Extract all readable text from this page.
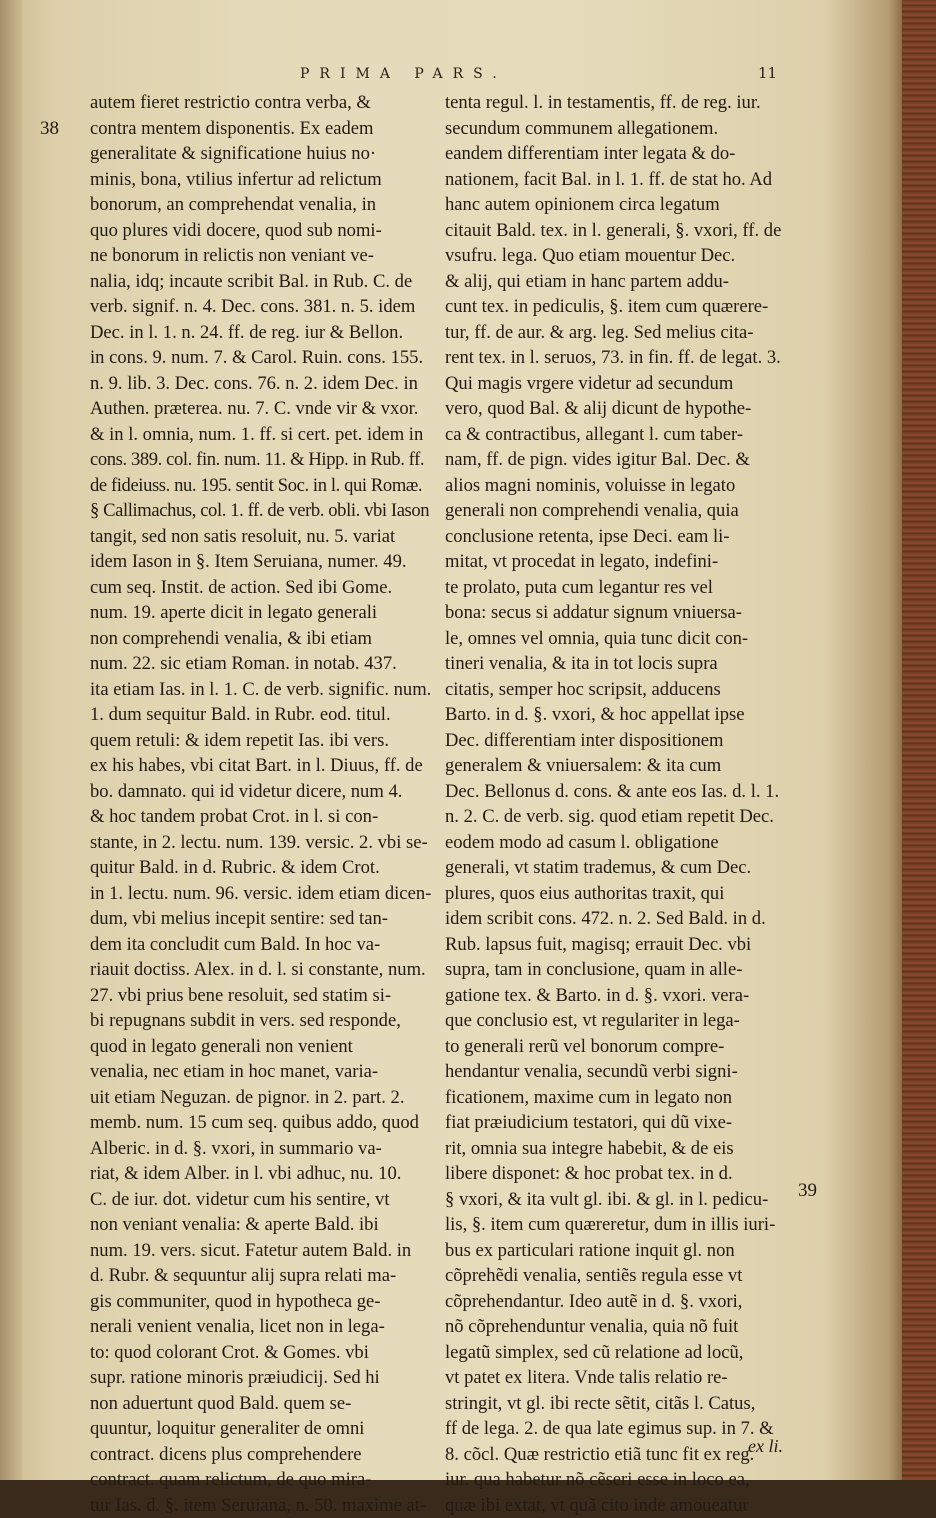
PRIMA PARS.	11
38
39
autem fieret restrictio contra verba, &
contra mentem disponentis. Ex eadem
generalitate & significatione huius no·
minis, bona, vtilius infertur ad relictum
bonorum, an comprehendat venalia, in
quo plures vidi docere, quod sub nomi-
ne bonorum in relictis non veniant ve-
nalia, idq; incaute scribit Bal. in Rub. C. de
verb. signif. n. 4. Dec. cons. 381. n. 5. idem
Dec. in l. 1. n. 24. ff. de reg. iur & Bellon.
in cons. 9. num. 7. & Carol. Ruin. cons. 155.
n. 9. lib. 3. Dec. cons. 76. n. 2. idem Dec. in
Authen. præterea. nu. 7. C. vnde vir & vxor.
& in l. omnia, num. 1. ff. si cert. pet. idem in
cons. 389. col. fin. num. 11. & Hipp. in Rub. ff.
de fideiuss. nu. 195. sentit Soc. in l. qui Romæ.
§ Callimachus, col. 1. ff. de verb. obli. vbi Iason
tangit, sed non satis resoluit, nu. 5. variat
idem Iason in §. Item Seruiana, numer. 49.
cum seq. Instit. de action. Sed ibi Gome.
num. 19. aperte dicit in legato generali
non comprehendi venalia, & ibi etiam
num. 22. sic etiam Roman. in notab. 437.
ita etiam Ias. in l. 1. C. de verb. signific. num.
1. dum sequitur Bald. in Rubr. eod. titul.
quem retuli: & idem repetit Ias. ibi vers.
ex his habes, vbi citat Bart. in l. Diuus, ff. de
bo. damnato. qui id videtur dicere, num 4.
& hoc tandem probat Crot. in l. si con-
stante, in 2. lectu. num. 139. versic. 2. vbi se-
quitur Bald. in d. Rubric. & idem Crot.
in 1. lectu. num. 96. versic. idem etiam dicen-
dum, vbi melius incepit sentire: sed tan-
dem ita concludit cum Bald. In hoc va-
riauit doctiss. Alex. in d. l. si constante, num.
27. vbi prius bene resoluit, sed statim si-
bi repugnans subdit in vers. sed responde,
quod in legato generali non venient
venalia, nec etiam in hoc manet, varia-
uit etiam Neguzan. de pignor. in 2. part. 2.
memb. num. 15 cum seq. quibus addo, quod
Alberic. in d. §. vxori, in summario va-
riat, & idem Alber. in l. vbi adhuc, nu. 10.
C. de iur. dot. videtur cum his sentire, vt
non veniant venalia: & aperte Bald. ibi
num. 19. vers. sicut. Fatetur autem Bald. in
d. Rubr. & sequuntur alij supra relati ma-
gis communiter, quod in hypotheca ge-
nerali venient venalia, licet non in lega-
to: quod colorant Crot. & Gomes. vbi
supr. ratione minoris præiudicij. Sed hi
non aduertunt quod Bald. quem se-
quuntur, loquitur generaliter de omni
contract. dicens plus comprehendere
contract. quam relictum, de quo mira-
tur Ias. d. §. item Seruiana, n. 50. maxime at-
tenta regul. l. in testamentis, ff. de reg. iur.
secundum communem allegationem.
eandem differentiam inter legata & do-
nationem, facit Bal. in l. 1. ff. de stat ho. Ad
hanc autem opinionem circa legatum
citauit Bald. tex. in l. generali, §. vxori, ff. de
vsufru. lega. Quo etiam mouentur Dec.
& alij, qui etiam in hanc partem addu-
cunt tex. in pediculis, §. item cum quærere-
tur, ff. de aur. & arg. leg. Sed melius cita-
rent tex. in l. seruos, 73. in fin. ff. de legat. 3.
Qui magis vrgere videtur ad secundum
vero, quod Bal. & alij dicunt de hypothe-
ca & contractibus, allegant l. cum taber-
nam, ff. de pign. vides igitur Bal. Dec. &
alios magni nominis, voluisse in legato
generali non comprehendi venalia, quia
conclusione retenta, ipse Deci. eam li-
mitat, vt procedat in legato, indefini-
te prolato, puta cum legantur res vel
bona: secus si addatur signum vniuersa-
le, omnes vel omnia, quia tunc dicit con-
tineri venalia, & ita in tot locis supra
citatis, semper hoc scripsit, adducens
Barto. in d. §. vxori, & hoc appellat ipse
Dec. differentiam inter dispositionem
generalem & vniuersalem: & ita cum
Dec. Bellonus d. cons. & ante eos Ias. d. l. 1.
n. 2. C. de verb. sig. quod etiam repetit Dec.
eodem modo ad casum l. obligatione
generali, vt statim trademus, & cum Dec.
plures, quos eius authoritas traxit, qui
idem scribit cons. 472. n. 2. Sed Bald. in d.
Rub. lapsus fuit, magisq; errauit Dec. vbi
supra, tam in conclusione, quam in alle-
gatione tex. & Barto. in d. §. vxori. vera-
que conclusio est, vt regulariter in lega-
to generali rerũ vel bonorum compre-
hendantur venalia, secundũ verbi signi-
ficationem, maxime cum in legato non
fiat præiudicium testatori, qui dũ vixe-
rit, omnia sua integre habebit, & de eis
libere disponet: & hoc probat tex. in d.
§ vxori, & ita vult gl. ibi. & gl. in l. pedicu-
lis, §. item cum quæreretur, dum in illis iuri-
bus ex particulari ratione inquit gl. non
cõprehẽdi venalia, sentiẽs regula esse vt
cõprehendantur. Ideo autẽ in d. §. vxori,
nõ cõprehenduntur venalia, quia nõ fuit
legatũ simplex, sed cũ relatione ad locũ,
vt patet ex litera. Vnde talis relatio re-
stringit, vt gl. ibi recte sẽtit, citãs l. Catus,
ff de lega. 2. de qua late egimus sup. in 7. &
8. cõcl. Quæ restrictio etiã tunc fit ex reg.
iur. qua habetur nõ cẽseri esse in loco ea,
quæ ibi extat, vt quã cito inde amoueatur
ex li.
